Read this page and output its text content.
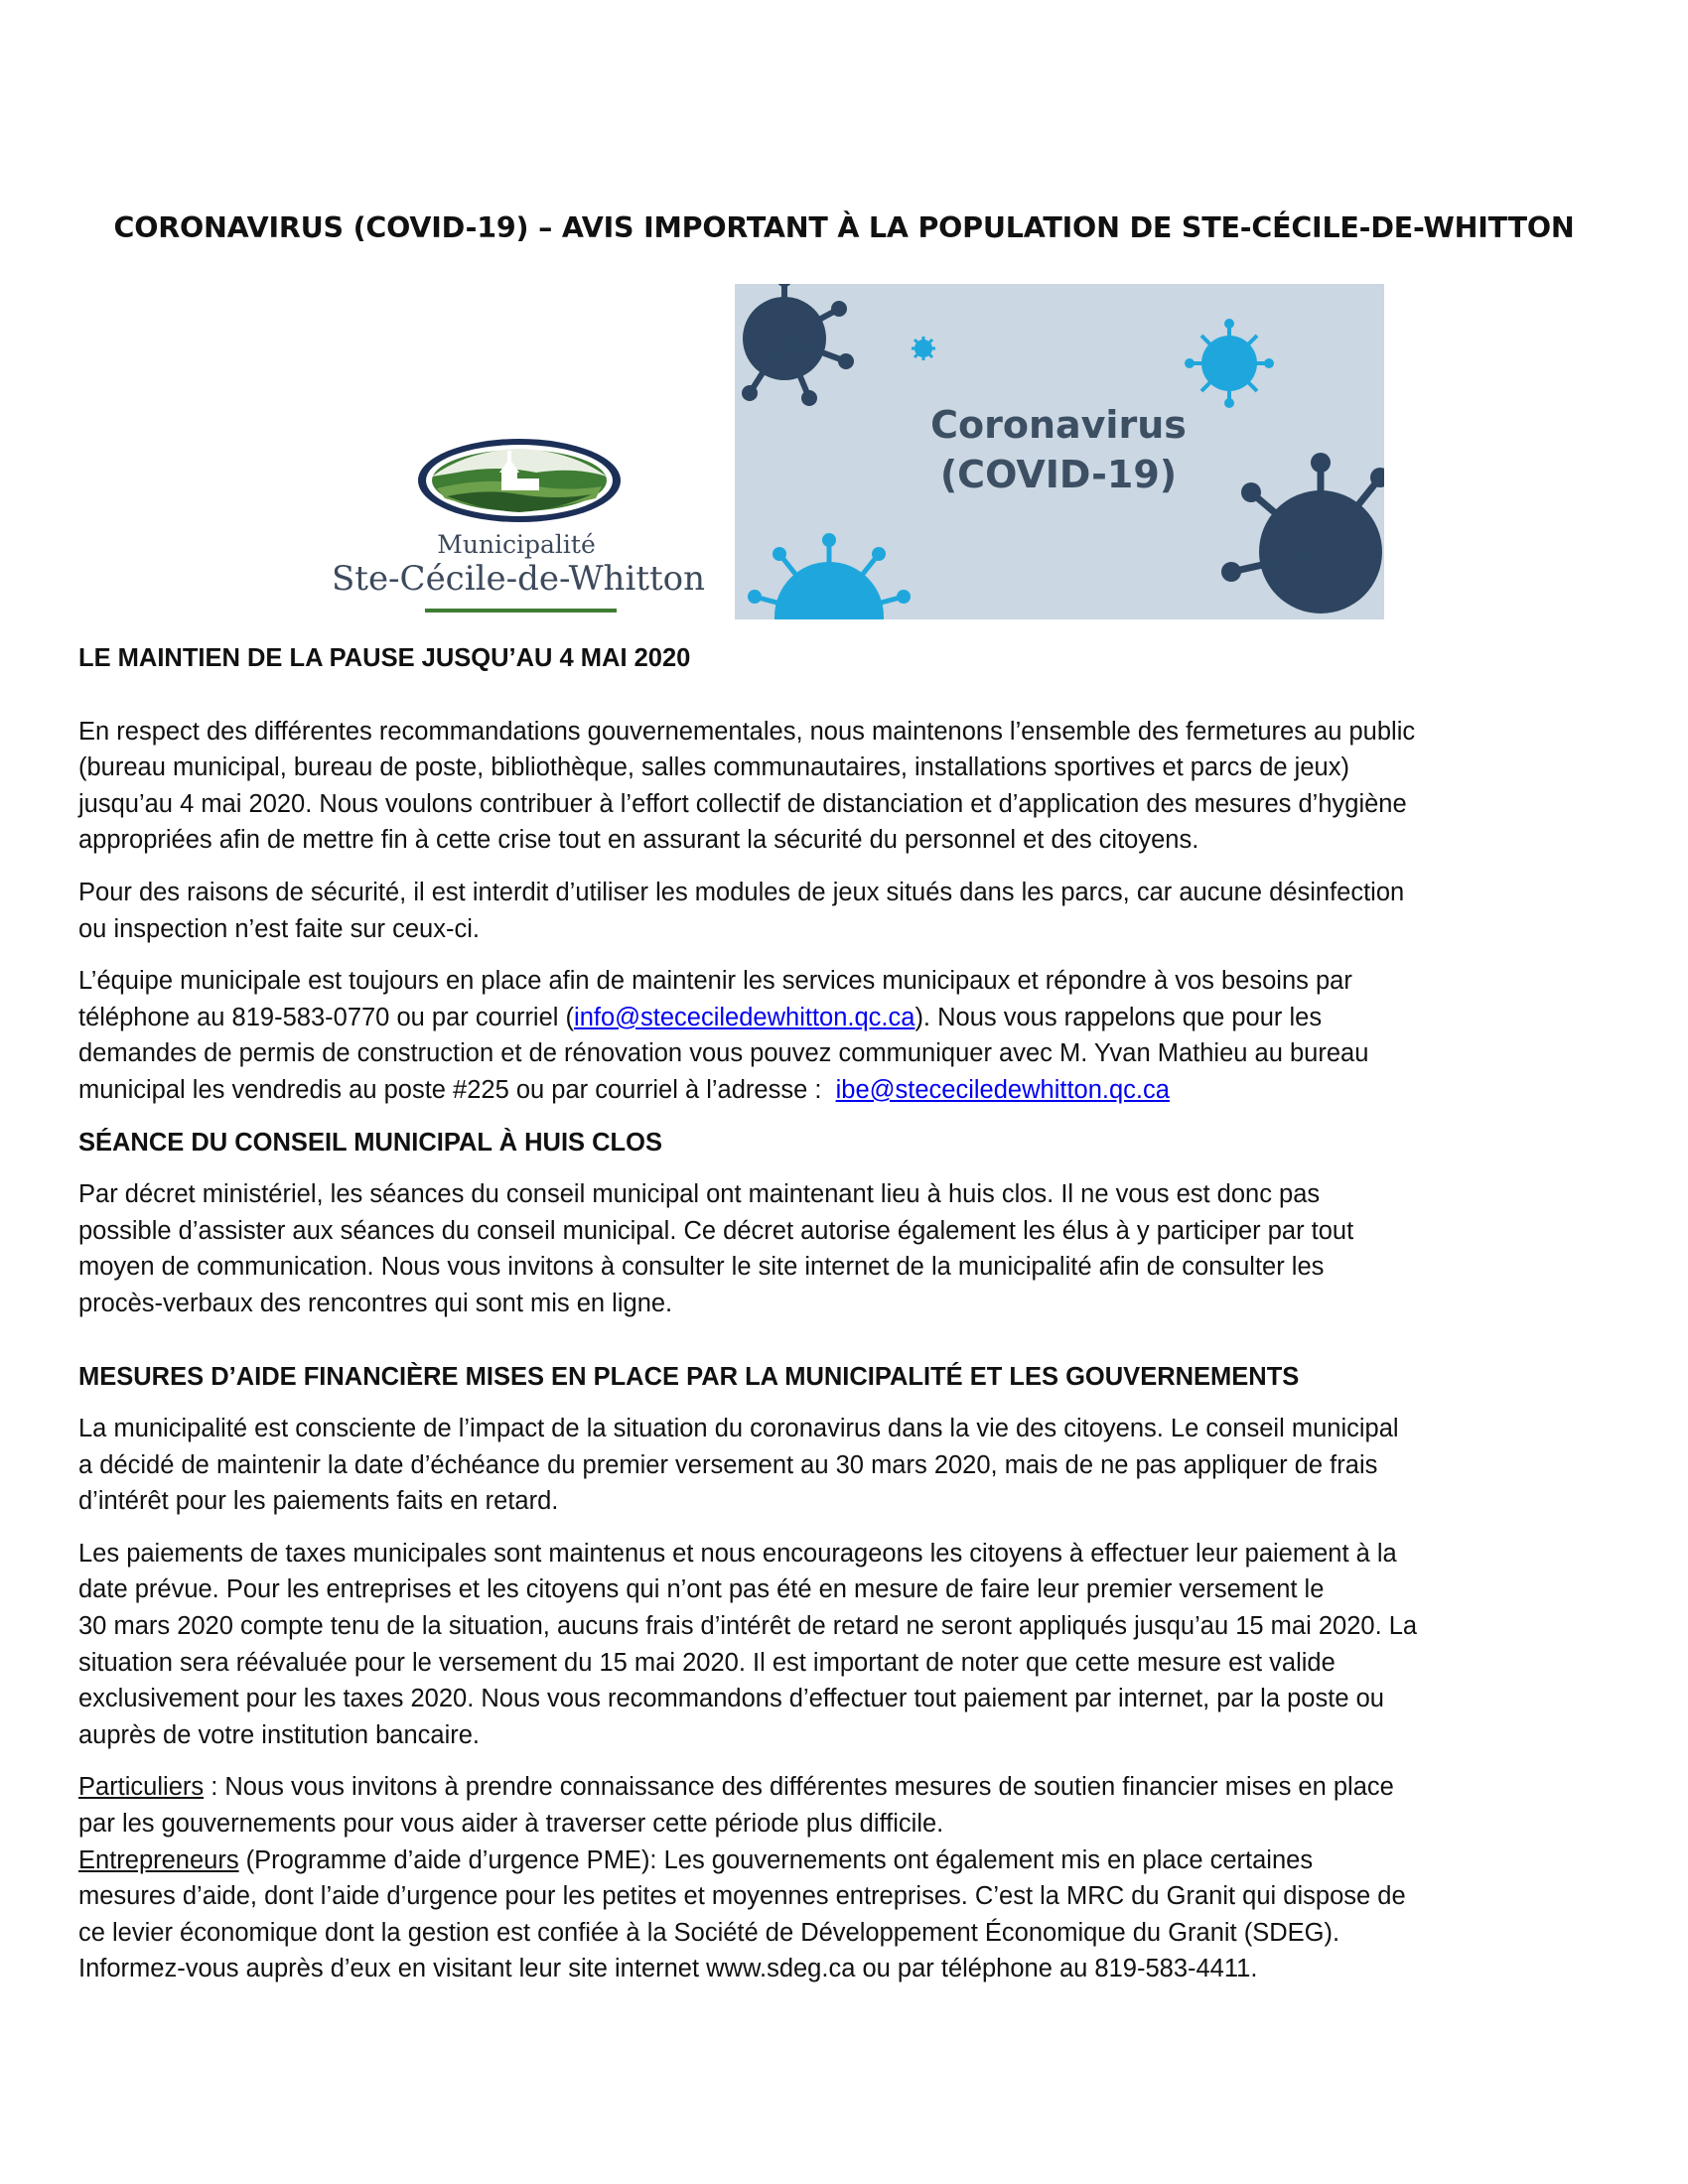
CORONAVIRUS (COVID-19) – AVIS IMPORTANT À LA POPULATION DE STE-CÉCILE-DE-WHITTON
Municipalité
Ste-Cécile-de-Whitton
Coronavirus
(COVID-19)
LE MAINTIEN DE LA PAUSE JUSQU’AU 4 MAI 2020

En respect des différentes recommandations gouvernementales, nous maintenons l’ensemble des fermetures au public
(bureau municipal, bureau de poste, bibliothèque, salles communautaires, installations sportives et parcs de jeux)
jusqu’au 4 mai 2020. Nous voulons contribuer à l’effort collectif de distanciation et d’application des mesures d’hygiène
appropriées afin de mettre fin à cette crise tout en assurant la sécurité du personnel et des citoyens.

Pour des raisons de sécurité, il est interdit d’utiliser les modules de jeux situés dans les parcs, car aucune désinfection
ou inspection n’est faite sur ceux-ci.

L’équipe municipale est toujours en place afin de maintenir les services municipaux et répondre à vos besoins par
téléphone au 819-583-0770 ou par courriel (info@stececiledewhitton.qc.ca). Nous vous rappelons que pour les
demandes de permis de construction et de rénovation vous pouvez communiquer avec M. Yvan Mathieu au bureau
municipal les vendredis au poste #225 ou par courriel à l’adresse :  ibe@stececiledewhitton.qc.ca

SÉANCE DU CONSEIL MUNICIPAL À HUIS CLOS

Par décret ministériel, les séances du conseil municipal ont maintenant lieu à huis clos. Il ne vous est donc pas
possible d’assister aux séances du conseil municipal. Ce décret autorise également les élus à y participer par tout
moyen de communication. Nous vous invitons à consulter le site internet de la municipalité afin de consulter les
procès-verbaux des rencontres qui sont mis en ligne.

MESURES D’AIDE FINANCIÈRE MISES EN PLACE PAR LA MUNICIPALITÉ ET LES GOUVERNEMENTS

La municipalité est consciente de l’impact de la situation du coronavirus dans la vie des citoyens. Le conseil municipal
a décidé de maintenir la date d’échéance du premier versement au 30 mars 2020, mais de ne pas appliquer de frais
d’intérêt pour les paiements faits en retard.

Les paiements de taxes municipales sont maintenus et nous encourageons les citoyens à effectuer leur paiement à la
date prévue. Pour les entreprises et les citoyens qui n’ont pas été en mesure de faire leur premier versement le
30 mars 2020 compte tenu de la situation, aucuns frais d’intérêt de retard ne seront appliqués jusqu’au 15 mai 2020. La
situation sera réévaluée pour le versement du 15 mai 2020. Il est important de noter que cette mesure est valide
exclusivement pour les taxes 2020. Nous vous recommandons d’effectuer tout paiement par internet, par la poste ou
auprès de votre institution bancaire.

Particuliers : Nous vous invitons à prendre connaissance des différentes mesures de soutien financier mises en place
par les gouvernements pour vous aider à traverser cette période plus difficile.
Entrepreneurs (Programme d’aide d’urgence PME): Les gouvernements ont également mis en place certaines
mesures d’aide, dont l’aide d’urgence pour les petites et moyennes entreprises. C’est la MRC du Granit qui dispose de
ce levier économique dont la gestion est confiée à la Société de Développement Économique du Granit (SDEG).
Informez-vous auprès d’eux en visitant leur site internet www.sdeg.ca ou par téléphone au 819-583-4411.
